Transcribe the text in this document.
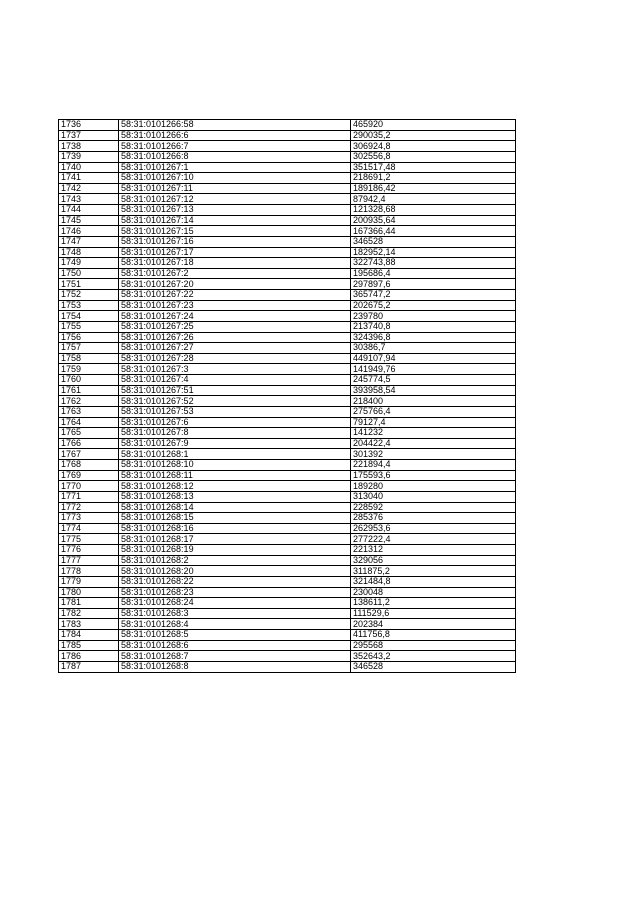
1736	58:31:0101266:58	465920
1737	58:31:0101266:6	290035,2
1738	58:31:0101266:7	306924,8
1739	58:31:0101266:8	302556,8
1740	58:31:0101267:1	351517,48
1741	58:31:0101267:10	218691,2
1742	58:31:0101267:11	189186,42
1743	58:31:0101267:12	87942,4
1744	58:31:0101267:13	121328,68
1745	58:31:0101267:14	200935,64
1746	58:31:0101267:15	167366,44
1747	58:31:0101267:16	346528
1748	58:31:0101267:17	182952,14
1749	58:31:0101267:18	322743,88
1750	58:31:0101267:2	195686,4
1751	58:31:0101267:20	297897,6
1752	58:31:0101267:22	365747,2
1753	58:31:0101267:23	202675,2
1754	58:31:0101267:24	239780
1755	58:31:0101267:25	213740,8
1756	58:31:0101267:26	324396,8
1757	58:31:0101267:27	30386,7
1758	58:31:0101267:28	449107,94
1759	58:31:0101267:3	141949,76
1760	58:31:0101267:4	245774,5
1761	58:31:0101267:51	393958,54
1762	58:31:0101267:52	218400
1763	58:31:0101267:53	275766,4
1764	58:31:0101267:6	79127,4
1765	58:31:0101267:8	141232
1766	58:31:0101267:9	204422,4
1767	58:31:0101268:1	301392
1768	58:31:0101268:10	221894,4
1769	58:31:0101268:11	175593,6
1770	58:31:0101268:12	189280
1771	58:31:0101268:13	313040
1772	58:31:0101268:14	228592
1773	58:31:0101268:15	285376
1774	58:31:0101268:16	262953,6
1775	58:31:0101268:17	277222,4
1776	58:31:0101268:19	221312
1777	58:31:0101268:2	329056
1778	58:31:0101268:20	311875,2
1779	58:31:0101268:22	321484,8
1780	58:31:0101268:23	230048
1781	58:31:0101268:24	138611,2
1782	58:31:0101268:3	111529,6
1783	58:31:0101268:4	202384
1784	58:31:0101268:5	411756,8
1785	58:31:0101268:6	295568
1786	58:31:0101268:7	352643,2
1787	58:31:0101268:8	346528
